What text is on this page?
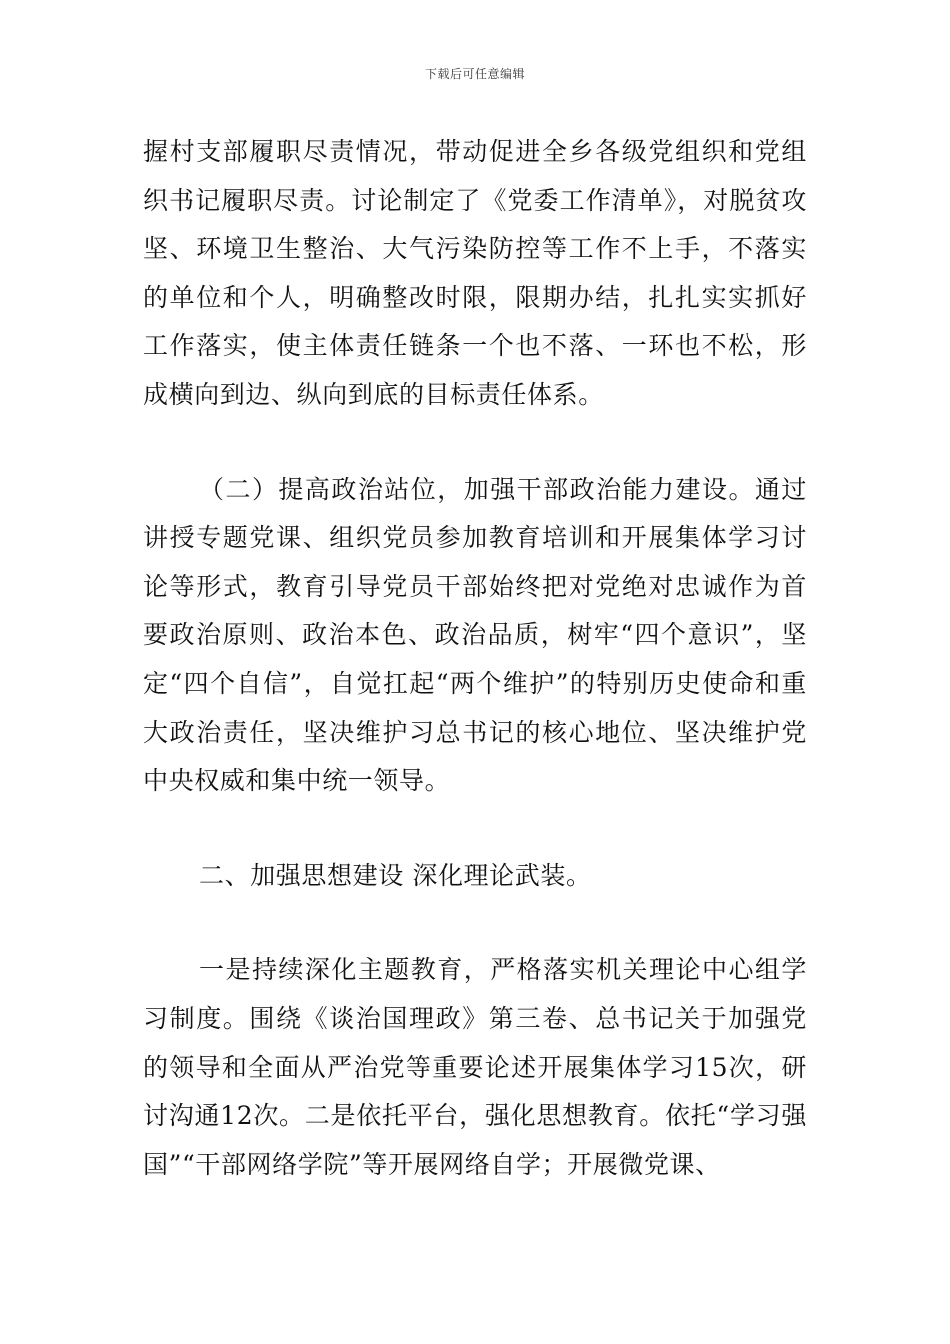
下载后可任意编辑

握村支部履职尽责情况，带动促进全乡各级党组织和党组织书记履职尽责。讨论制定了《党委工作清单》，对脱贫攻坚、环境卫生整治、大气污染防控等工作不上手，不落实的单位和个人，明确整改时限，限期办结，扎扎实实抓好工作落实，使主体责任链条一个也不落、一环也不松，形成横向到边、纵向到底的目标责任体系。

（二）提高政治站位，加强干部政治能力建设。通过讲授专题党课、组织党员参加教育培训和开展集体学习讨论等形式，教育引导党员干部始终把对党绝对忠诚作为首要政治原则、政治本色、政治品质，树牢“四个意识”，坚定“四个自信”，自觉扛起“两个维护”的特别历史使命和重大政治责任，坚决维护习总书记的核心地位、坚决维护党中央权威和集中统一领导。

二、加强思想建设 深化理论武装。

一是持续深化主题教育，严格落实机关理论中心组学习制度。围绕《谈治国理政》第三卷、总书记关于加强党的领导和全面从严治党等重要论述开展集体学习15次，研讨沟通12次。二是依托平台，强化思想教育。依托“学习强国”“干部网络学院”等开展网络自学；开展微党课、
